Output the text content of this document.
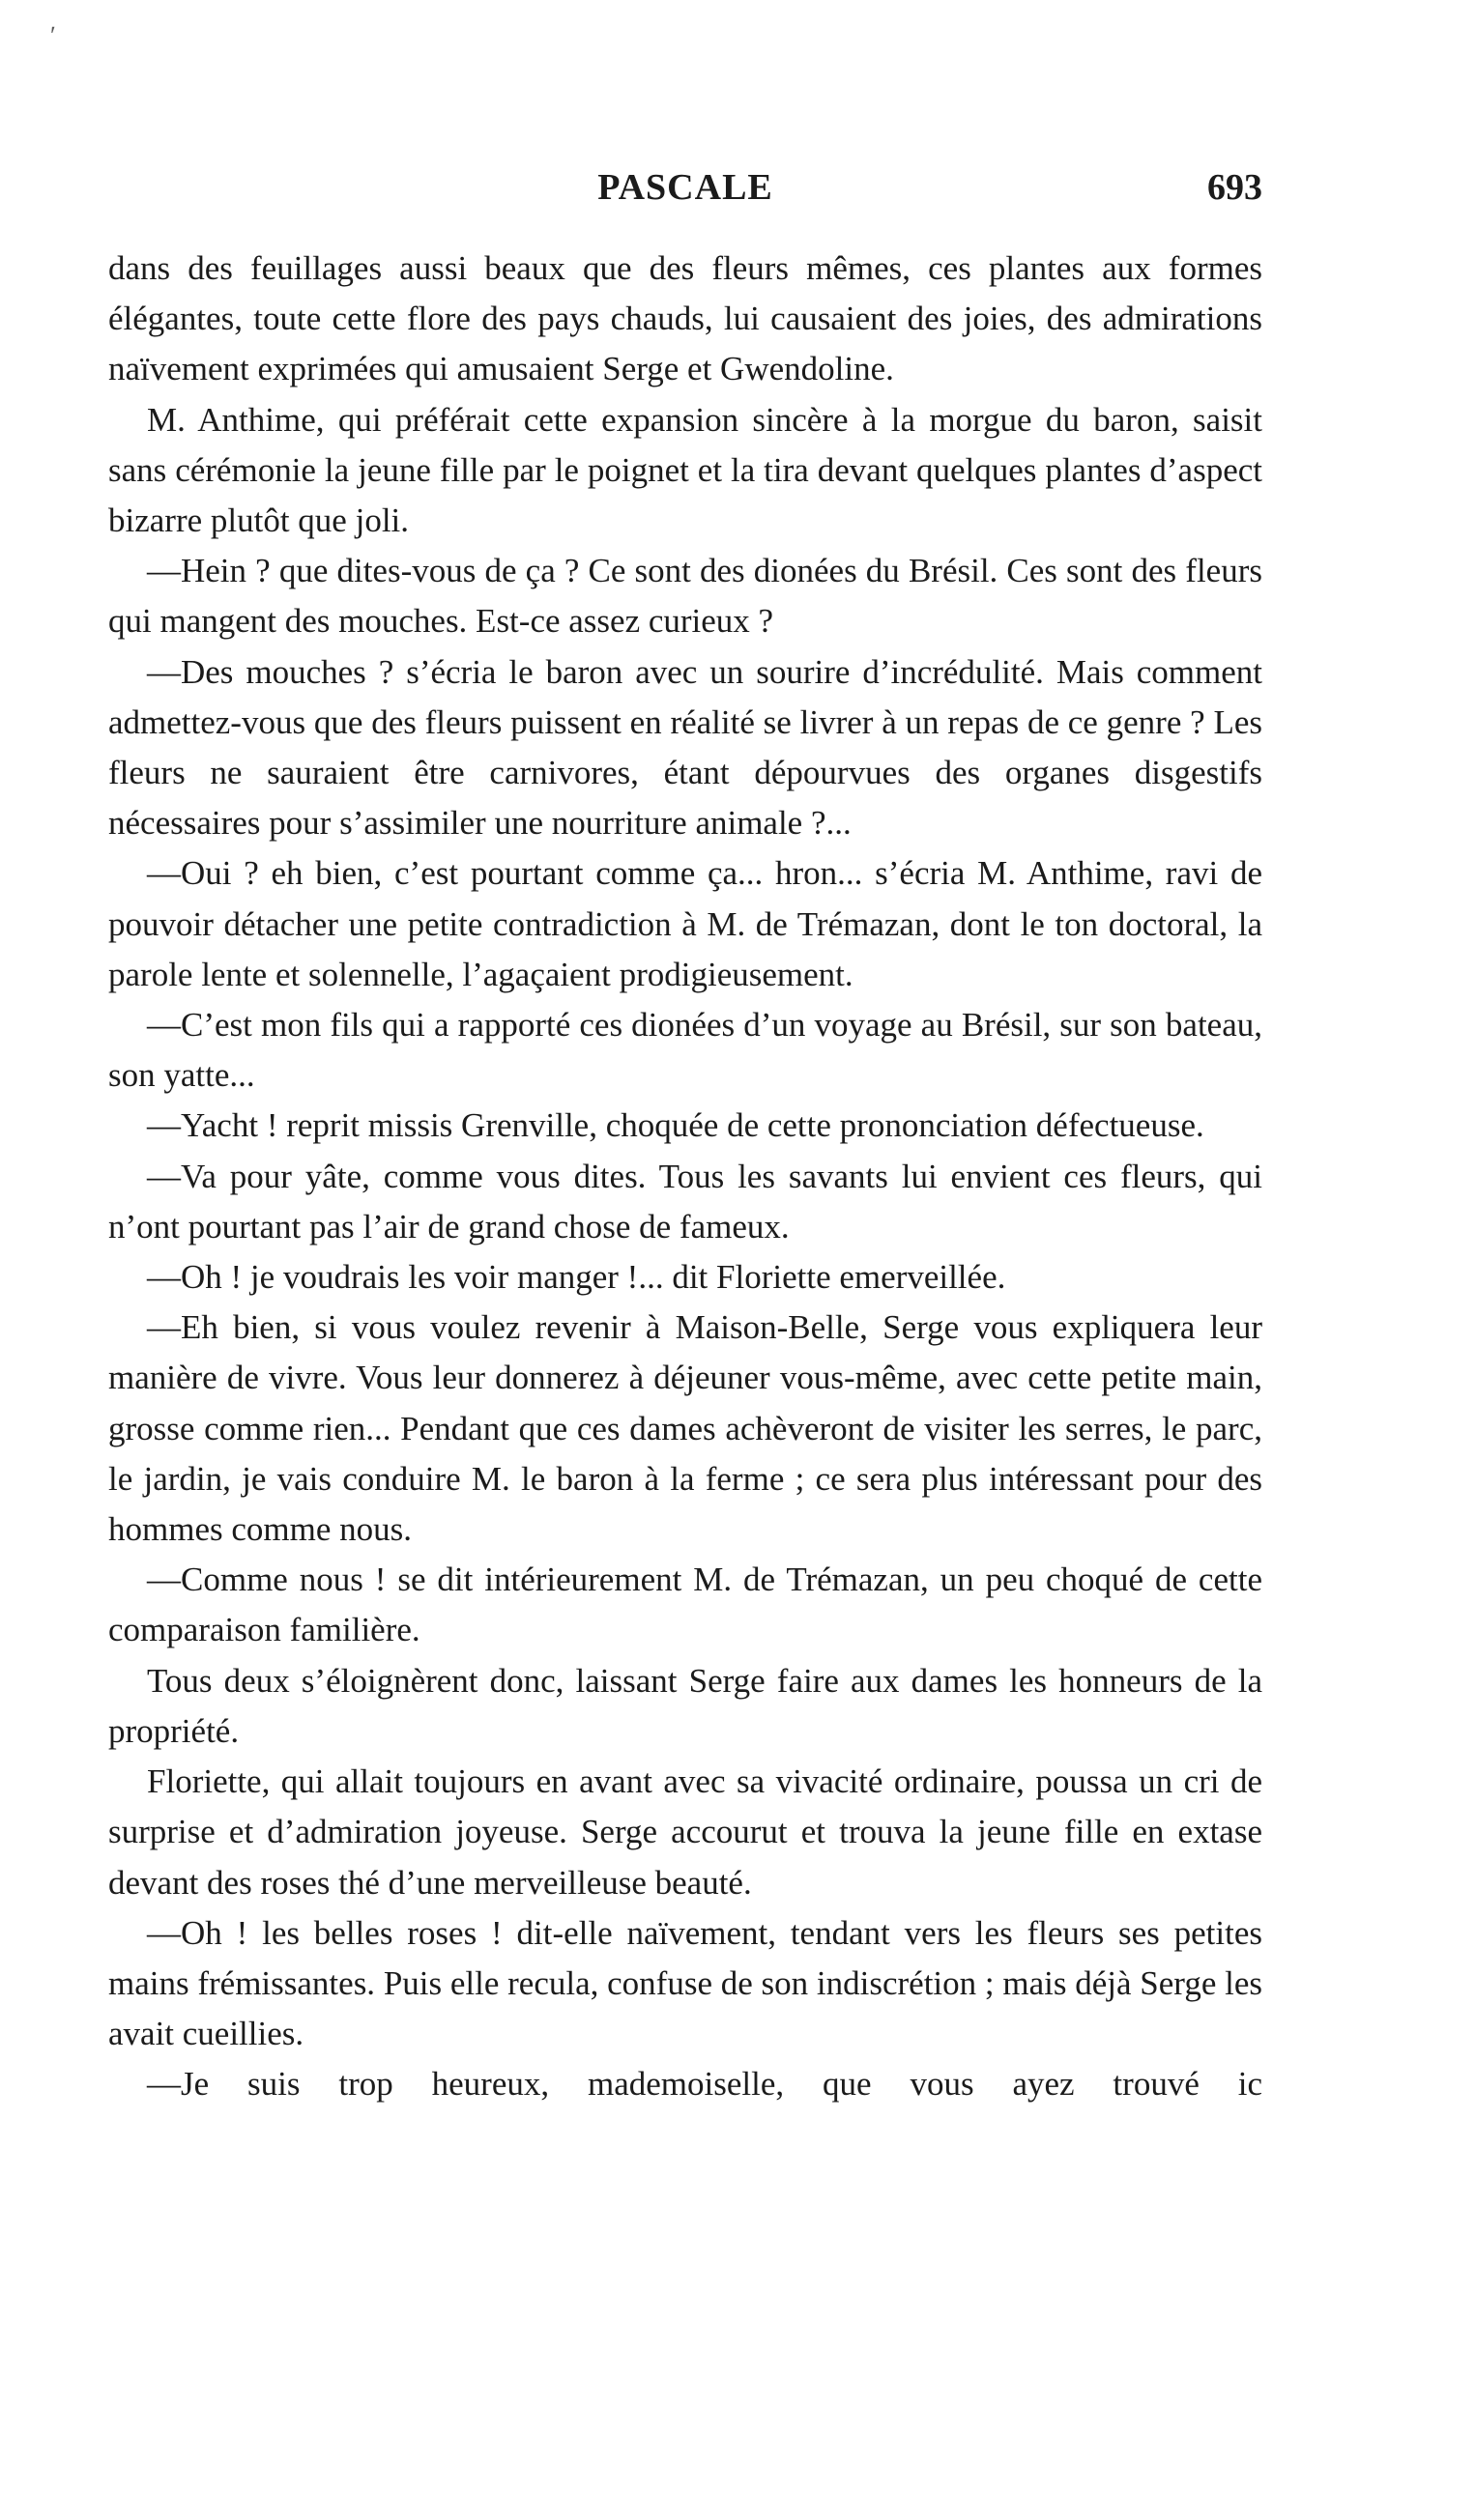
ʹ
PASCALE	693

dans des feuillages aussi beaux que des fleurs mêmes, ces plantes aux formes élégantes, toute cette flore des pays chauds, lui causaient des joies, des admirations naïvement exprimées qui amusaient Serge et Gwendoline.

M. Anthime, qui préférait cette expansion sincère à la morgue du baron, saisit sans cérémonie la jeune fille par le poignet et la tira devant quelques plantes d’aspect bizarre plutôt que joli.

—Hein ? que dites-vous de ça ? Ce sont des dionées du Brésil. Ces sont des fleurs qui mangent des mouches. Est-ce assez curieux ?

—Des mouches ? s’écria le baron avec un sourire d’incrédulité. Mais comment admettez-vous que des fleurs puissent en réalité se livrer à un repas de ce genre ? Les fleurs ne sauraient être carnivores, étant dépourvues des organes disgestifs nécessaires pour s’assimiler une nourriture animale ?...

—Oui ? eh bien, c’est pourtant comme ça... hron... s’écria M. Anthime, ravi de pouvoir détacher une petite contradiction à M. de Trémazan, dont le ton doctoral, la parole lente et solennelle, l’agaçaient prodigieusement.

—C’est mon fils qui a rapporté ces dionées d’un voyage au Brésil, sur son bateau, son yatte...

—Yacht ! reprit missis Grenville, choquée de cette prononciation défectueuse.

—Va pour yâte, comme vous dites. Tous les savants lui envient ces fleurs, qui n’ont pourtant pas l’air de grand chose de fameux.

—Oh ! je voudrais les voir manger !... dit Floriette emerveillée.

—Eh bien, si vous voulez revenir à Maison-Belle, Serge vous expliquera leur manière de vivre. Vous leur donnerez à déjeuner vous-même, avec cette petite main, grosse comme rien... Pendant que ces dames achèveront de visiter les serres, le parc, le jardin, je vais conduire M. le baron à la ferme ; ce sera plus intéressant pour des hommes comme nous.

—Comme nous ! se dit intérieurement M. de Trémazan, un peu choqué de cette comparaison familière.

Tous deux s’éloignèrent donc, laissant Serge faire aux dames les honneurs de la propriété.

Floriette, qui allait toujours en avant avec sa vivacité ordinaire, poussa un cri de surprise et d’admiration joyeuse. Serge accourut et trouva la jeune fille en extase devant des roses thé d’une merveilleuse beauté.

—Oh ! les belles roses ! dit-elle naïvement, tendant vers les fleurs ses petites mains frémissantes. Puis elle recula, confuse de son indiscrétion ; mais déjà Serge les avait cueillies.

—Je suis trop heureux, mademoiselle, que vous ayez trouvé ic
